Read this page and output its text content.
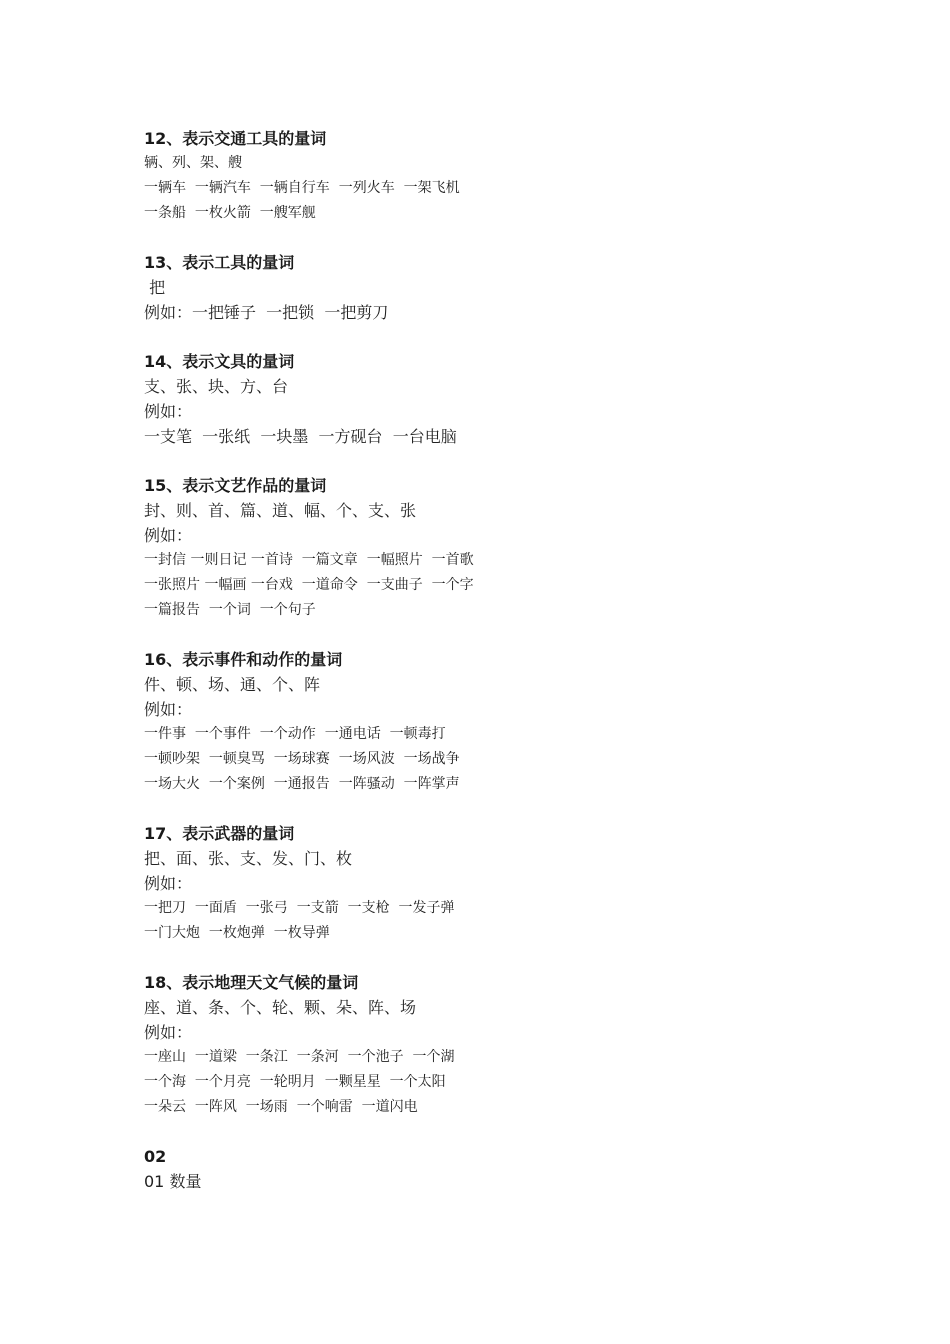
12、表示交通工具的量词
辆、列、架、艘
一辆车  一辆汽车  一辆自行车  一列火车  一架飞机
一条船  一枚火箭  一艘军舰
13、表示工具的量词
把
例如：一把锤子  一把锁  一把剪刀
14、表示文具的量词
支、张、块、方、台
例如：
一支笔  一张纸  一块墨  一方砚台  一台电脑
15、表示文艺作品的量词
封、则、首、篇、道、幅、个、支、张
例如：
一封信 一则日记 一首诗  一篇文章  一幅照片  一首歌
一张照片 一幅画 一台戏  一道命令  一支曲子  一个字
一篇报告  一个词  一个句子
16、表示事件和动作的量词
件、顿、场、通、个、阵
例如：
一件事  一个事件  一个动作  一通电话  一顿毒打
一顿吵架  一顿臭骂  一场球赛  一场风波  一场战争
一场大火  一个案例  一通报告  一阵骚动  一阵掌声
17、表示武器的量词
把、面、张、支、发、门、枚
例如：
一把刀  一面盾  一张弓  一支箭  一支枪  一发子弹
一门大炮  一枚炮弹  一枚导弹
18、表示地理天文气候的量词
座、道、条、个、轮、颗、朵、阵、场
例如：
一座山  一道梁  一条江  一条河  一个池子  一个湖
一个海  一个月亮  一轮明月  一颗星星  一个太阳
一朵云  一阵风  一场雨  一个响雷  一道闪电
02
01 数量
